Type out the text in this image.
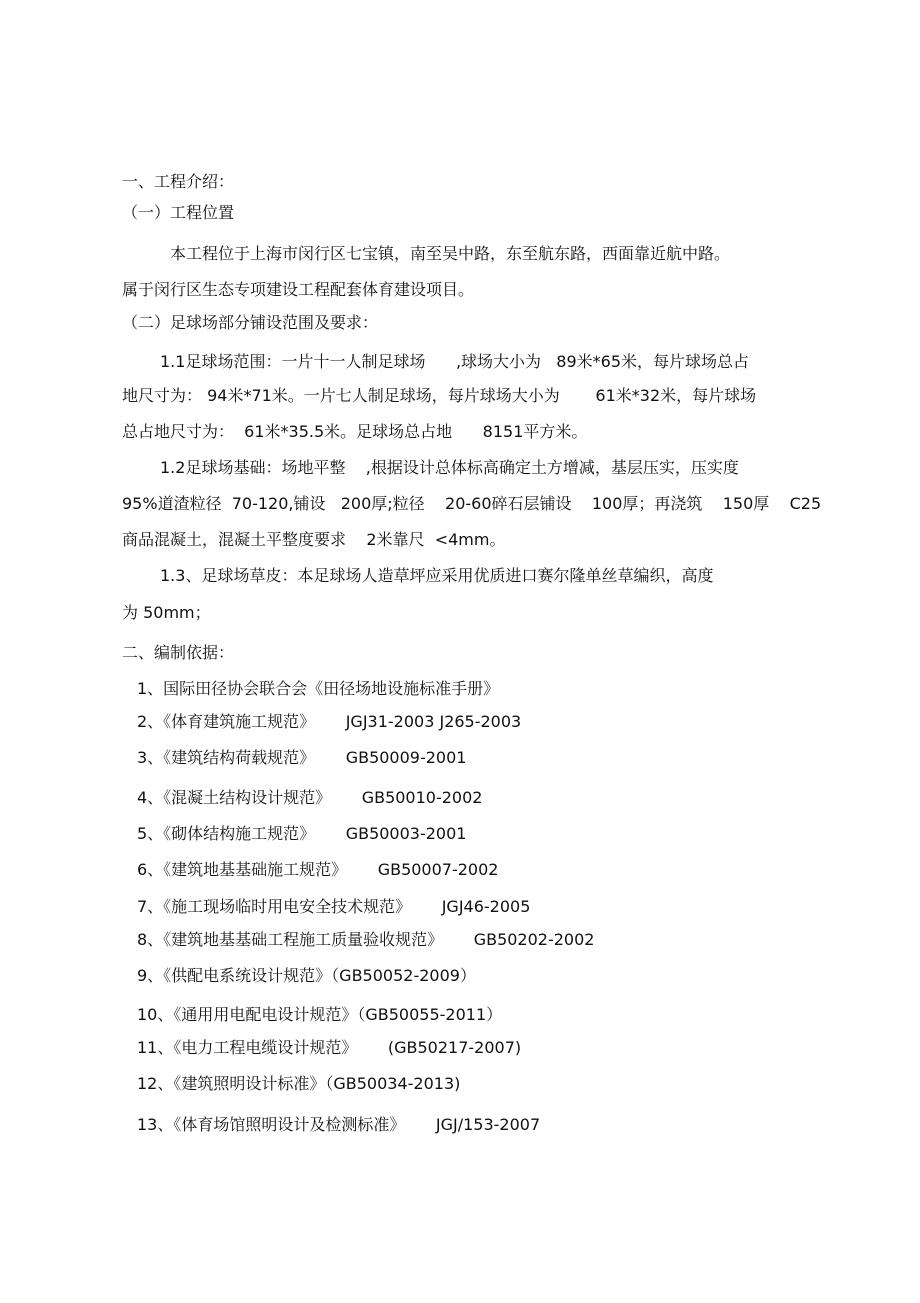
一、工程介绍：

（一）工程位置

本工程位于上海市闵行区七宝镇，南至吴中路，东至航东路，西面靠近航中路。

属于闵行区生态专项建设工程配套体育建设项目。

（二）足球场部分铺设范围及要求：

1.1足球场范围：一片十一人制足球场      ,球场大小为   89米*65米，每片球场总占

地尺寸为： 94米*71米。一片七人制足球场，每片球场大小为       61米*32米，每片球场

总占地尺寸为：  61米*35.5米。足球场总占地      8151平方米。

1.2足球场基础：场地平整    ,根据设计总体标高确定土方增减，基层压实，压实度

95%道渣粒径  70-120,铺设   200厚;粒径    20-60碎石层铺设    100厚；再浇筑    150厚    C25

商品混凝土，混凝土平整度要求    2米靠尺  <4mm。

1.3、足球场草皮：本足球场人造草坪应采用优质进口赛尔隆单丝草编织，高度

为 50mm；

二、编制依据：

1、国际田径协会联合会《田径场地设施标准手册》

2、《体育建筑施工规范》      JGJ31-2003 J265-2003

3、《建筑结构荷载规范》      GB50009-2001

4、《混凝土结构设计规范》      GB50010-2002

5、《砌体结构施工规范》      GB50003-2001

6、《建筑地基基础施工规范》      GB50007-2002

7、《施工现场临时用电安全技术规范》      JGJ46-2005

8、《建筑地基基础工程施工质量验收规范》      GB50202-2002

9、《供配电系统设计规范》（GB50052-2009）

10、《通用用电配电设计规范》（GB50055-2011）

11、《电力工程电缆设计规范》      (GB50217-2007)

12、《建筑照明设计标准》（GB50034-2013)

13、《体育场馆照明设计及检测标准》      JGJ/153-2007
